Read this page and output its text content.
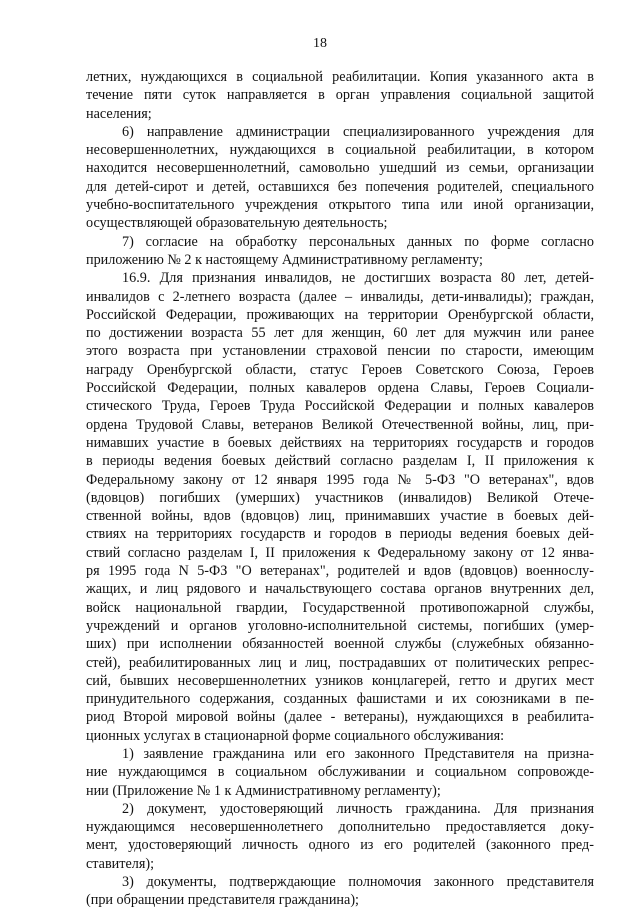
18
летних, нуждающихся в социальной реабилитации. Копия указанного акта в
течение пяти суток направляется в орган управления социальной защитой
населения;
6) направление администрации специализированного учреждения для
несовершеннолетних, нуждающихся в социальной реабилитации, в котором
находится несовершеннолетний, самовольно ушедший из семьи, организации
для детей-сирот и детей, оставшихся без попечения родителей, специального
учебно-воспитательного учреждения открытого типа или иной организации,
осуществляющей образовательную деятельность;
7) согласие на обработку персональных данных по форме согласно
приложению № 2 к настоящему Административному регламенту;
16.9. Для признания инвалидов, не достигших возраста 80 лет, детей-
инвалидов с 2-летнего возраста (далее – инвалиды, дети-инвалиды); граждан,
Российской Федерации, проживающих на территории Оренбургской области,
по достижении возраста 55 лет для женщин, 60 лет для мужчин или ранее
этого возраста при установлении страховой пенсии по старости, имеющим
награду Оренбургской области, статус Героев Советского Союза, Героев
Российской Федерации, полных кавалеров ордена Славы, Героев Социали-
стического Труда, Героев Труда Российской Федерации и полных кавалеров
ордена Трудовой Славы, ветеранов Великой Отечественной войны, лиц, при-
нимавших участие в боевых действиях на территориях государств и городов
в периоды ведения боевых действий согласно разделам I, II приложения к
Федеральному закону от 12 января 1995 года № 5-ФЗ "О ветеранах", вдов
(вдовцов) погибших (умерших) участников (инвалидов) Великой Отече-
ственной войны, вдов (вдовцов) лиц, принимавших участие в боевых дей-
ствиях на территориях государств и городов в периоды ведения боевых дей-
ствий согласно разделам I, II приложения к Федеральному закону от 12 янва-
ря 1995 года N 5-ФЗ "О ветеранах", родителей и вдов (вдовцов) военнослу-
жащих, и лиц рядового и начальствующего состава органов внутренних дел,
войск национальной гвардии, Государственной противопожарной службы,
учреждений и органов уголовно-исполнительной системы, погибших (умер-
ших) при исполнении обязанностей военной службы (служебных обязанно-
стей), реабилитированных лиц и лиц, пострадавших от политических репрес-
сий, бывших несовершеннолетних узников концлагерей, гетто и других мест
принудительного содержания, созданных фашистами и их союзниками в пе-
риод Второй мировой войны (далее - ветераны), нуждающихся в реабилита-
ционных услугах в стационарной форме социального обслуживания:
1) заявление гражданина или его законного Представителя на призна-
ние нуждающимся в социальном обслуживании и социальном сопровожде-
нии (Приложение № 1 к Административному регламенту);
2) документ, удостоверяющий личность гражданина. Для признания
нуждающимся несовершеннолетнего дополнительно предоставляется доку-
мент, удостоверяющий личность одного из его родителей (законного пред-
ставителя);
3) документы, подтверждающие полномочия законного представителя
(при обращении представителя гражданина);
